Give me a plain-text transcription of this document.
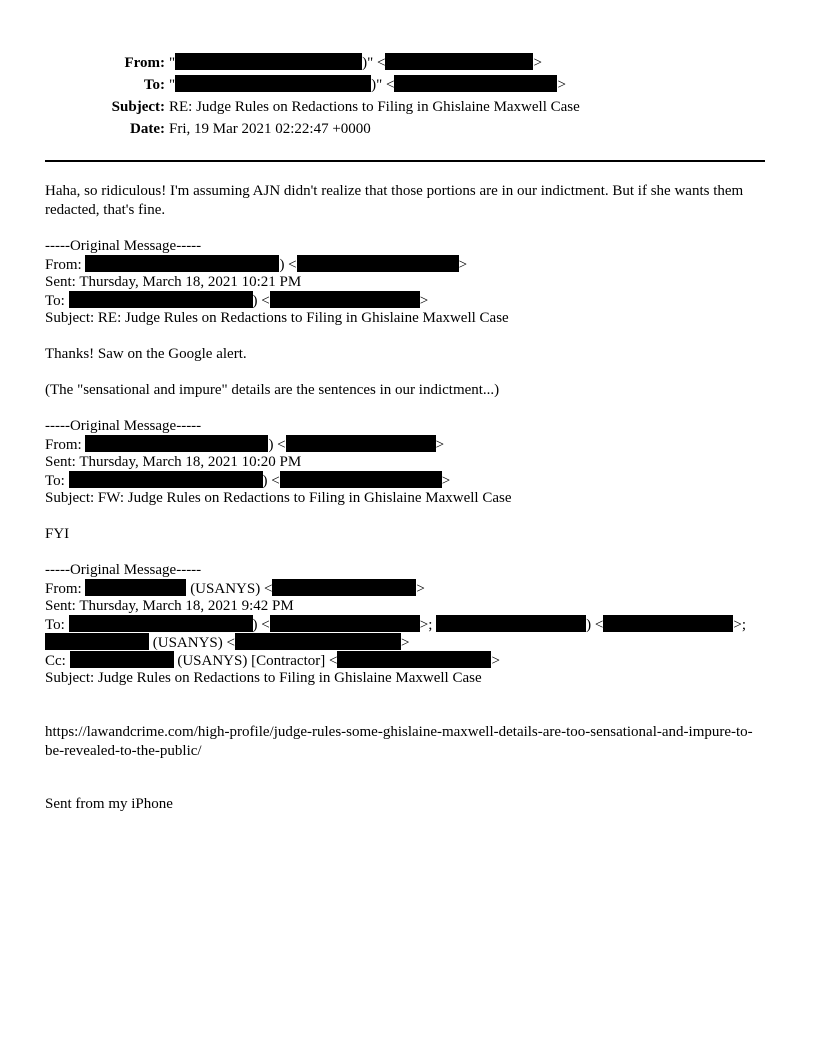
From: "	)" <	>
To: "	)" <	>
Subject: RE: Judge Rules on Redactions to Filing in Ghislaine Maxwell Case
Date: Fri, 19 Mar 2021 02:22:47 +0000
Haha, so ridiculous! I'm assuming AJN didn't realize that those portions are in our indictment. But if she wants them redacted, that's fine.
-----Original Message-----
From:	) <	>
Sent: Thursday, March 18, 2021 10:21 PM
To:	) <	>
Subject: RE: Judge Rules on Redactions to Filing in Ghislaine Maxwell Case
Thanks! Saw on the Google alert.
(The "sensational and impure" details are the sentences in our indictment...)
-----Original Message-----
From:	) <	>
Sent: Thursday, March 18, 2021 10:20 PM
To:	) <	>
Subject: FW: Judge Rules on Redactions to Filing in Ghislaine Maxwell Case
FYI
-----Original Message-----
From:	(USANYS) <	>
Sent: Thursday, March 18, 2021 9:42 PM
To:	) <	>;	) <	>;
(USANYS) <	>
Cc:	(USANYS) [Contractor] <	>
Subject: Judge Rules on Redactions to Filing in Ghislaine Maxwell Case
https://lawandcrime.com/high-profile/judge-rules-some-ghislaine-maxwell-details-are-too-sensational-and-impure-to-be-revealed-to-the-public/
Sent from my iPhone
